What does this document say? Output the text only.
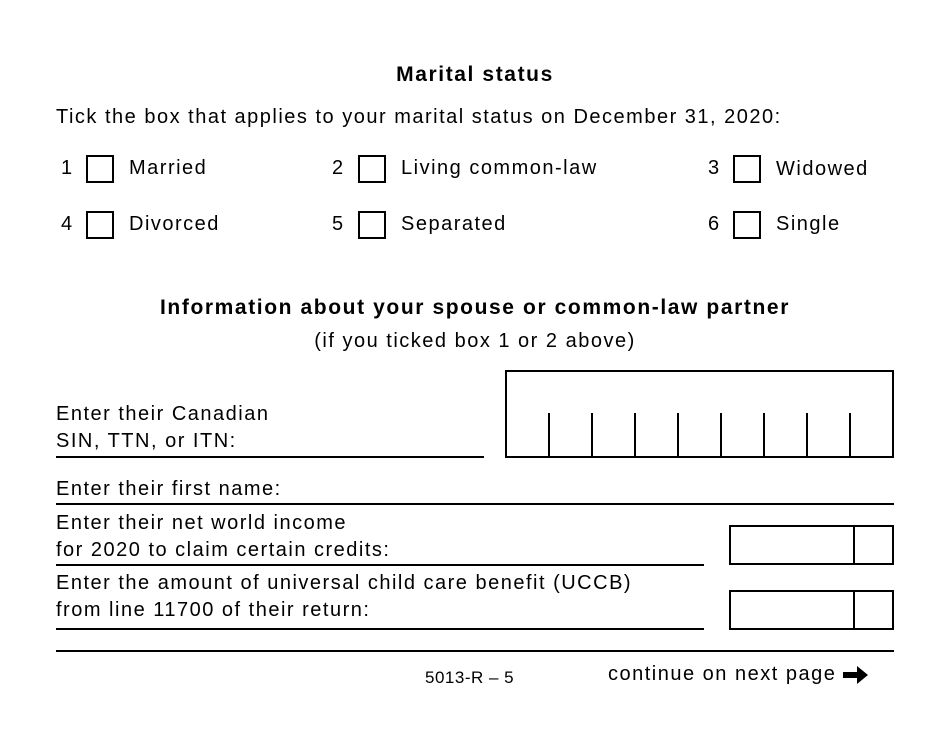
Marital status
Tick the box that applies to your marital status on December 31, 2020:
1	Married	2	Living common-law	3	Widowed
4	Divorced	5	Separated	6	Single
Information about your spouse or common-law partner
(if you ticked box 1 or 2 above)
Enter their Canadian
SIN, TTN, or ITN:
Enter their first name:
Enter their net world income
for 2020 to claim certain credits:
Enter the amount of universal child care benefit (UCCB)
from line 11700 of their return:
5013-R – 5	continue on next page
